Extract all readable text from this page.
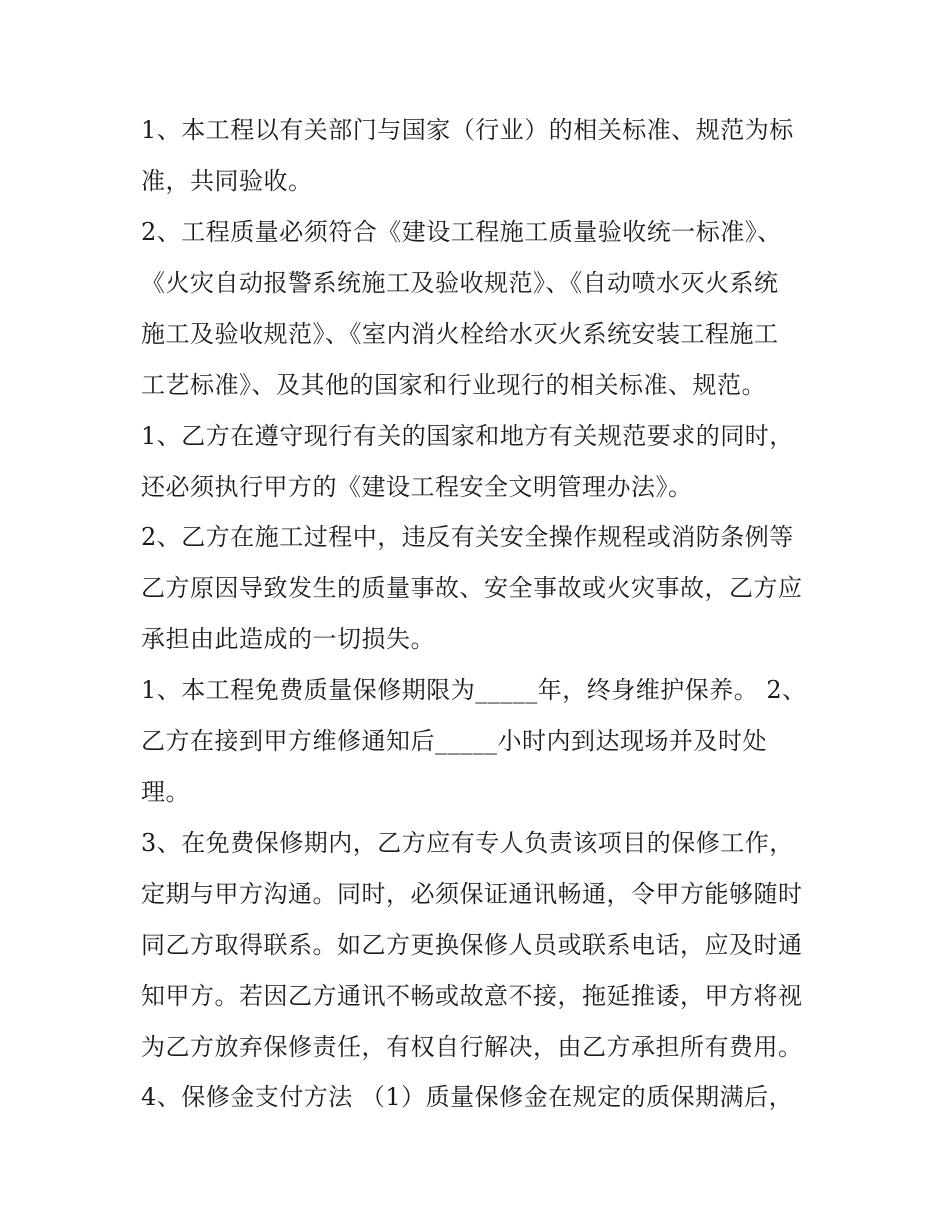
1、本工程以有关部门与国家（行业）的相关标准、规范为标
准，共同验收。
2、工程质量必须符合《建设工程施工质量验收统一标准》、
《火灾自动报警系统施工及验收规范》、《自动喷水灭火系统
施工及验收规范》、《室内消火栓给水灭火系统安装工程施工
工艺标准》、及其他的国家和行业现行的相关标准、规范。
1、乙方在遵守现行有关的国家和地方有关规范要求的同时，
还必须执行甲方的《建设工程安全文明管理办法》。
2、乙方在施工过程中，违反有关安全操作规程或消防条例等
乙方原因导致发生的质量事故、安全事故或火灾事故，乙方应
承担由此造成的一切损失。
1、本工程免费质量保修期限为_____年，终身维护保养。 2、
乙方在接到甲方维修通知后_____小时内到达现场并及时处
理。
3、在免费保修期内，乙方应有专人负责该项目的保修工作，
定期与甲方沟通。同时，必须保证通讯畅通，令甲方能够随时
同乙方取得联系。如乙方更换保修人员或联系电话，应及时通
知甲方。若因乙方通讯不畅或故意不接，拖延推诿，甲方将视
为乙方放弃保修责任，有权自行解决，由乙方承担所有费用。
4、保修金支付方法 （1）质量保修金在规定的质保期满后，
